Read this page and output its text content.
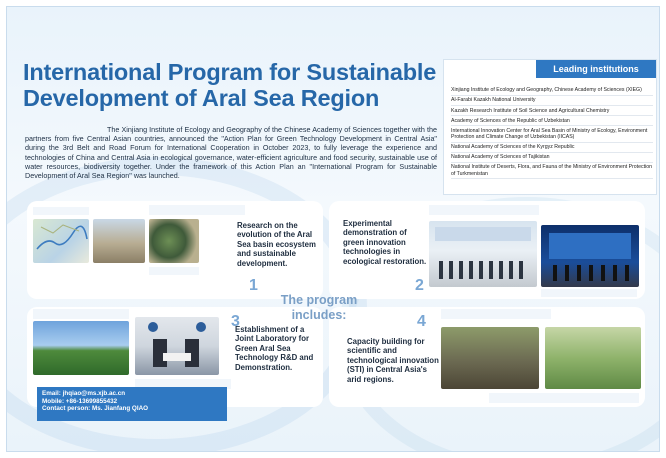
International Program for Sustainable
Development of Aral Sea Region

The Xinjiang Institute of Ecology and Geography of the Chinese Academy of Sciences together with the partners from five Central Asian countries, announced the "Action Plan for Green Technology Development in Central Asia" during the 3rd Belt and Road Forum for International Cooperation in October 2023, to fully leverage the experience and technologies of China and Central Asia in ecological governance, water-efficient agriculture and food security, sustainable use of water resources, biodiversity together. Under the framework of this Action Plan an "International Program for Sustainable Development of Aral Sea Region" was launched.

Leading institutions
Xinjiang Institute of Ecology and Geography, Chinese Academy of Sciences (XIEG)
Al-Farabi Kazakh National University
Kazakh Research Institute of Soil Science and Agricultural Chemistry
Academy of Sciences of the Republic of Uzbekistan
International Innovation Center for Aral Sea Basin of Ministry of Ecology, Environment Protection and Climate Change of Uzbekistan (IICAS)
National Academy of Sciences of the Kyrgyz Republic
National Academy of Sciences of Tajikistan
National Institute of Deserts, Flora, and Fauna of the Ministry of Environment Protection of Turkmenistan
Research on the evolution of the Aral Sea basin ecosystem and sustainable development.
1
Experimental demonstration of green innovation technologies in ecological restoration.
2
Establishment of a Joint Laboratory for Green Aral Sea Technology R&D and Demonstration.
3	4
Capacity building for scientific and technological innovation (STI) in Central Asia's arid regions.
The program
includes:
Email: jhqiao@ms.xjb.ac.cn
Mobile: +86-13699855432
Contact person: Ms. Jianfang QIAO
